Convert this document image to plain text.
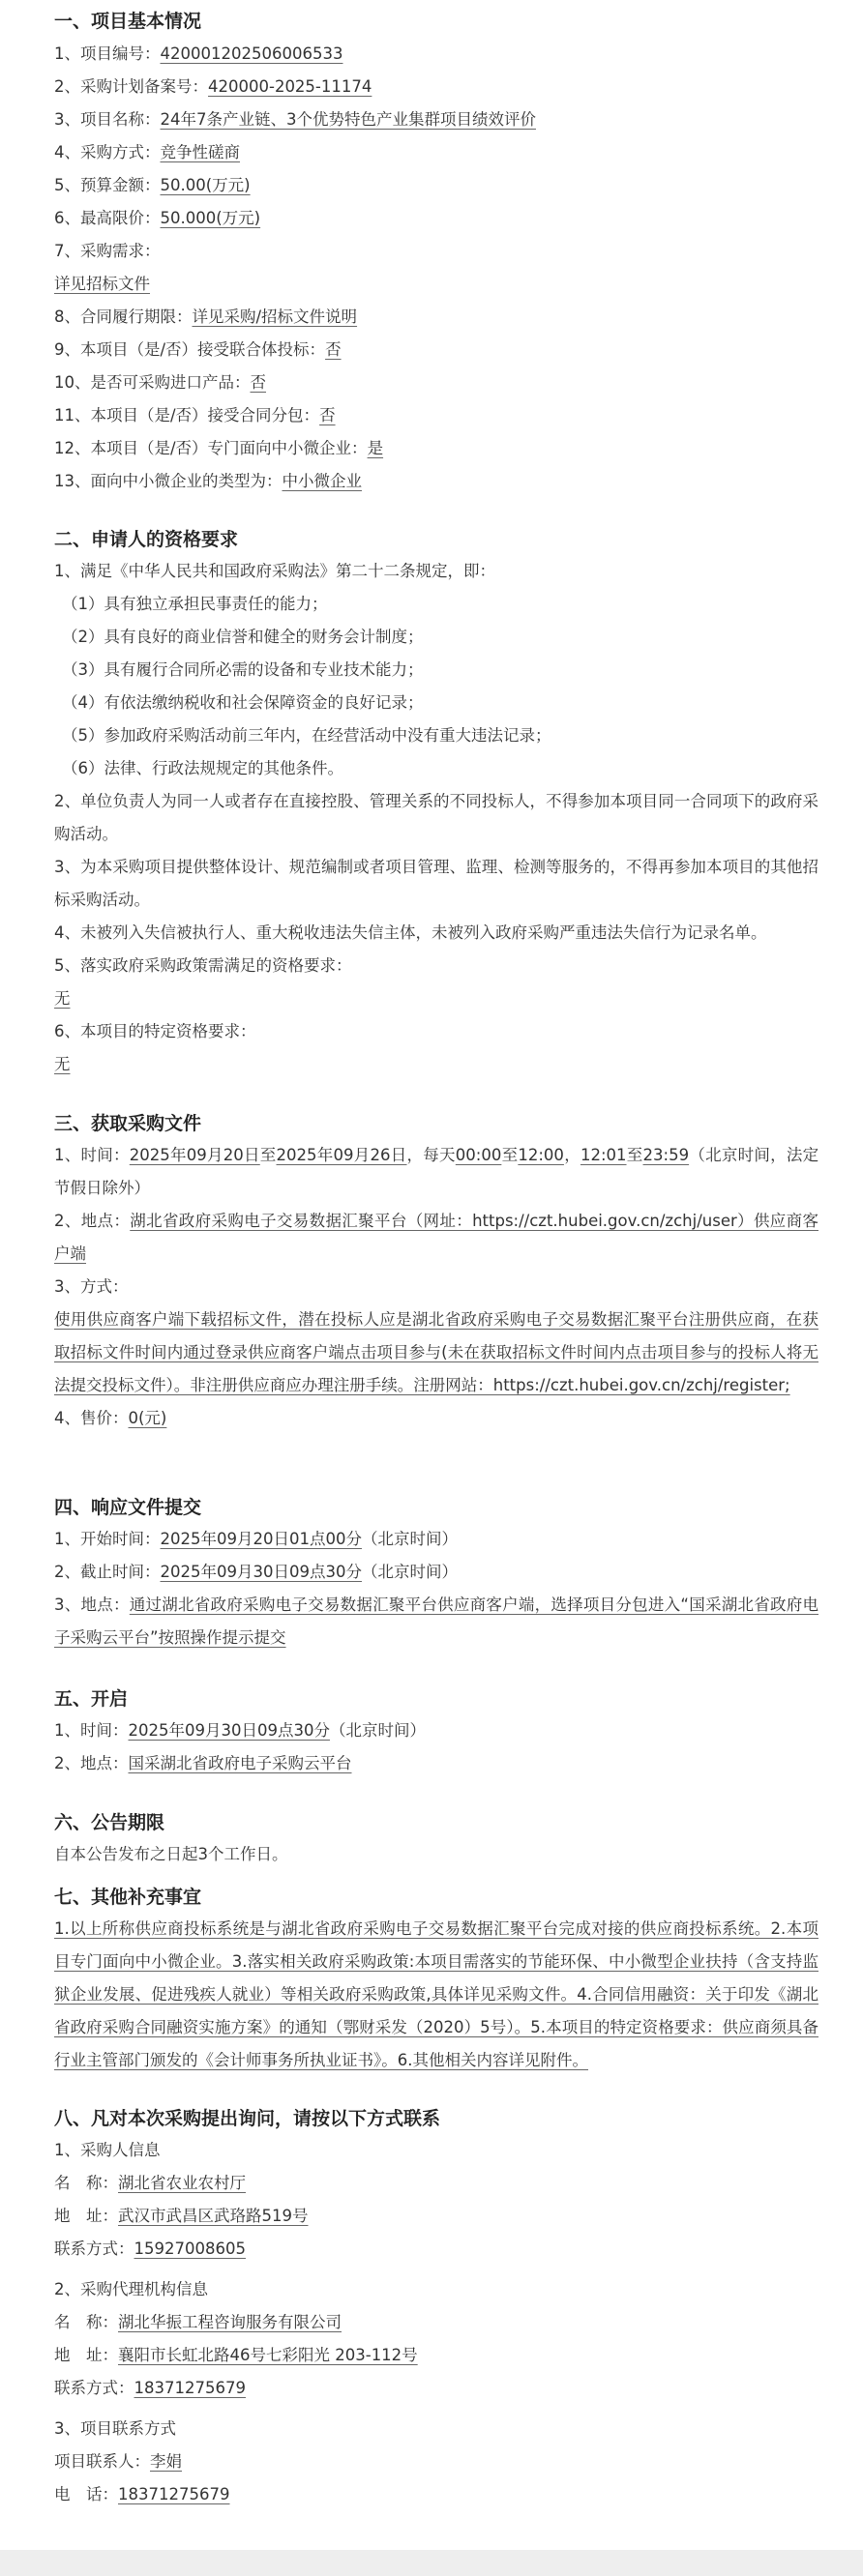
一、项目基本情况
1、项目编号：420001202506006533
2、采购计划备案号：420000-2025-11174
3、项目名称：24年7条产业链、3个优势特色产业集群项目绩效评价
4、采购方式：竞争性磋商
5、预算金额：50.00(万元)
6、最高限价：50.000(万元)
7、采购需求：
详见招标文件
8、合同履行期限：详见采购/招标文件说明
9、本项目（是/否）接受联合体投标：否
10、是否可采购进口产品：否
11、本项目（是/否）接受合同分包：否
12、本项目（是/否）专门面向中小微企业：是
13、面向中小微企业的类型为：中小微企业
二、申请人的资格要求
1、满足《中华人民共和国政府采购法》第二十二条规定，即：
（1）具有独立承担民事责任的能力；
（2）具有良好的商业信誉和健全的财务会计制度；
（3）具有履行合同所必需的设备和专业技术能力；
（4）有依法缴纳税收和社会保障资金的良好记录；
（5）参加政府采购活动前三年内，在经营活动中没有重大违法记录；
（6）法律、行政法规规定的其他条件。
2、单位负责人为同一人或者存在直接控股、管理关系的不同投标人，不得参加本项目同一合同项下的政府采购活动。
3、为本采购项目提供整体设计、规范编制或者项目管理、监理、检测等服务的，不得再参加本项目的其他招标采购活动。
4、未被列入失信被执行人、重大税收违法失信主体，未被列入政府采购严重违法失信行为记录名单。
5、落实政府采购政策需满足的资格要求：
无
6、本项目的特定资格要求：
无
三、获取采购文件
1、时间：2025年09月20日至2025年09月26日，每天00:00至12:00，12:01至23:59（北京时间，法定节假日除外）
2、地点：湖北省政府采购电子交易数据汇聚平台（网址：https://czt.hubei.gov.cn/zchj/user）供应商客户端
3、方式：
使用供应商客户端下载招标文件，潜在投标人应是湖北省政府采购电子交易数据汇聚平台注册供应商，在获取招标文件时间内通过登录供应商客户端点击项目参与(未在获取招标文件时间内点击项目参与的投标人将无法提交投标文件）。非注册供应商应办理注册手续。注册网站：https://czt.hubei.gov.cn/zchj/register;
4、售价：0(元)
四、响应文件提交
1、开始时间：2025年09月20日01点00分（北京时间）
2、截止时间：2025年09月30日09点30分（北京时间）
3、地点：通过湖北省政府采购电子交易数据汇聚平台供应商客户端，选择项目分包进入“国采湖北省政府电子采购云平台”按照操作提示提交
五、开启
1、时间：2025年09月30日09点30分（北京时间）
2、地点：国采湖北省政府电子采购云平台
六、公告期限
自本公告发布之日起3个工作日。
七、其他补充事宜
1.以上所称供应商投标系统是与湖北省政府采购电子交易数据汇聚平台完成对接的供应商投标系统。2.本项目专门面向中小微企业。3.落实相关政府采购政策:本项目需落实的节能环保、中小微型企业扶持（含支持监狱企业发展、促进残疾人就业）等相关政府采购政策,具体详见采购文件。4.合同信用融资：关于印发《湖北省政府采购合同融资实施方案》的通知（鄂财采发（2020）5号）。5.本项目的特定资格要求：供应商须具备行业主管部门颁发的《会计师事务所执业证书》。6.其他相关内容详见附件。
八、凡对本次采购提出询问，请按以下方式联系
1、采购人信息
名　称：湖北省农业农村厅
地　址：武汉市武昌区武珞路519号
联系方式：15927008605
2、采购代理机构信息
名　称：湖北华振工程咨询服务有限公司
地　址：襄阳市长虹北路46号七彩阳光 203-112号
联系方式：18371275679
3、项目联系方式
项目联系人：李娟
电　话：18371275679
